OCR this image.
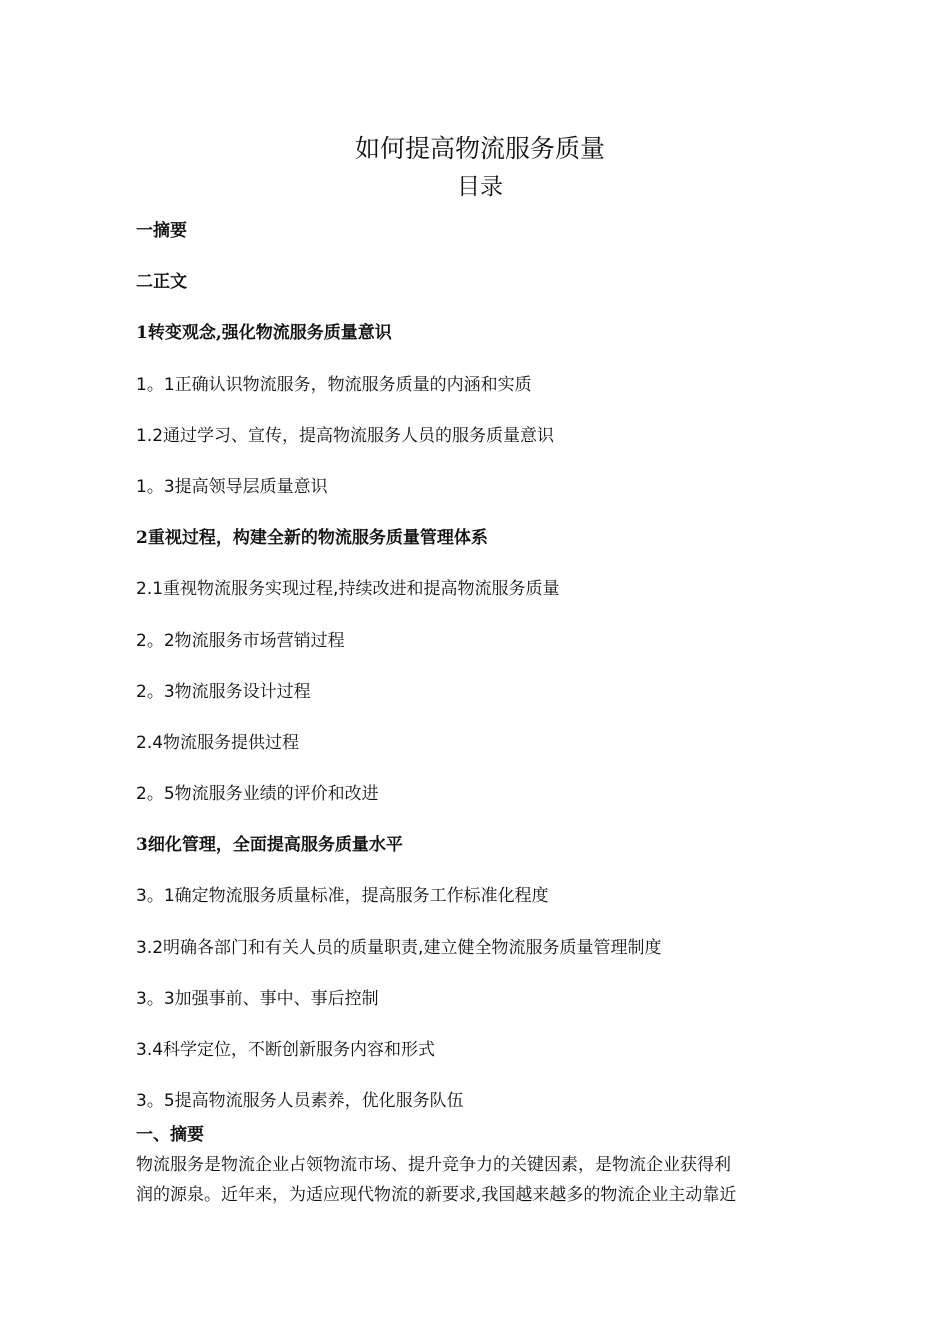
如何提高物流服务质量
目录
一摘要
二正文
1转变观念,强化物流服务质量意识
1。1正确认识物流服务，物流服务质量的内涵和实质
1.2通过学习、宣传，提高物流服务人员的服务质量意识
1。3提高领导层质量意识
2重视过程，构建全新的物流服务质量管理体系
2.1重视物流服务实现过程,持续改进和提高物流服务质量
2。2物流服务市场营销过程
2。3物流服务设计过程
2.4物流服务提供过程
2。5物流服务业绩的评价和改进
3细化管理，全面提高服务质量水平
3。1确定物流服务质量标准，提高服务工作标准化程度
3.2明确各部门和有关人员的质量职责,建立健全物流服务质量管理制度
3。3加强事前、事中、事后控制
3.4科学定位，不断创新服务内容和形式
3。5提高物流服务人员素养，优化服务队伍
一、摘要
物流服务是物流企业占领物流市场、提升竞争力的关键因素，是物流企业获得利
润的源泉。近年来，为适应现代物流的新要求,我国越来越多的物流企业主动靠近
